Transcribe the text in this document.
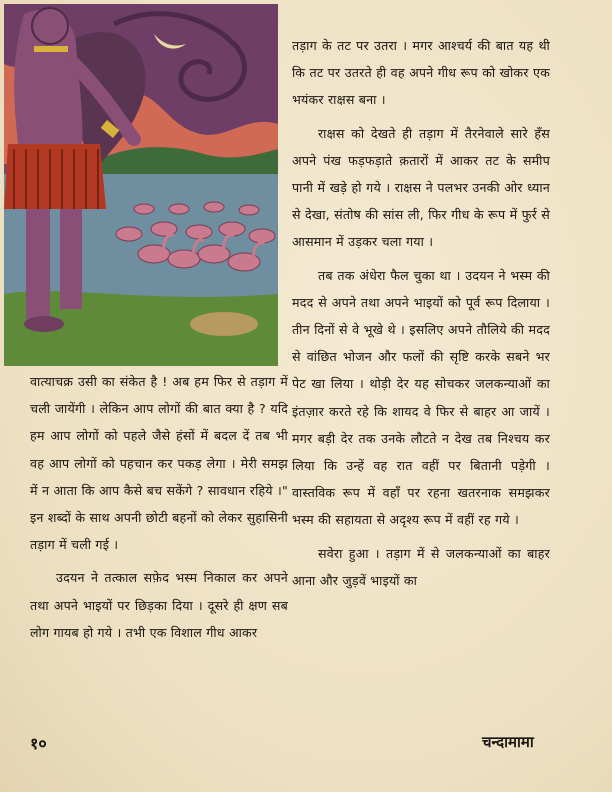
तड़ाग के तट पर उतरा । मगर आश्चर्य की बात यह थी कि तट पर उतरते ही वह अपने गीध रूप को खोकर एक भयंकर राक्षस बना ।

राक्षस को देखते ही तड़ाग में तैरनेवाले सारे हँस अपने पंख फड़फड़ाते क़तारों में आकर तट के समीप पानी में खड़े हो गये । राक्षस ने पलभर उनकी ओर ध्यान से देखा, संतोष की सांस ली, फिर गीध के रूप में फुर्र से आसमान में उड़कर चला गया ।

तब तक अंधेरा फैल चुका था । उदयन ने भस्म की मदद से अपने तथा अपने भाइयों को पूर्व रूप दिलाया । तीन दिनों से वे भूखे थे । इसलिए अपने तौलिये की मदद से वांछित भोजन और फलों की सृष्टि करके सबने भर पेट खा लिया । थोड़ी देर यह सोचकर जलकन्याओं का इंतज़ार करते रहे कि शायद वे फिर से बाहर आ जायें । मगर बड़ी देर तक उनके लौटते न देख तब निश्चय कर लिया कि उन्हें वह रात वहीं पर बितानी पड़ेगी । वास्तविक रूप में वहाँ पर रहना खतरनाक समझकर भस्म की सहायता से अदृश्य रूप में वहीं रह गये ।

सवेरा हुआ । तड़ाग में से जलकन्याओं का बाहर आना और जुड़वें भाइयों का

वात्याचक्र उसी का संकेत है ! अब हम फिर से तड़ाग में चली जायेंगी । लेकिन आप लोगों की बात क्या है ? यदि हम आप लोगों को पहले जैसे हंसों में बदल दें तब भी वह आप लोगों को पहचान कर पकड़ लेगा । मेरी समझ में न आता कि आप कैसे बच सकेंगे ? सावधान रहिये ।" इन शब्दों के साथ अपनी छोटी बहनों को लेकर सुहासिनी तड़ाग में चली गई ।

उदयन ने तत्काल सफ़ेद भस्म निकाल कर अपने तथा अपने भाइयों पर छिड़का दिया । दूसरे ही क्षण सब लोग गायब हो गये । तभी एक विशाल गीध आकर

१०	चन्दामामा
